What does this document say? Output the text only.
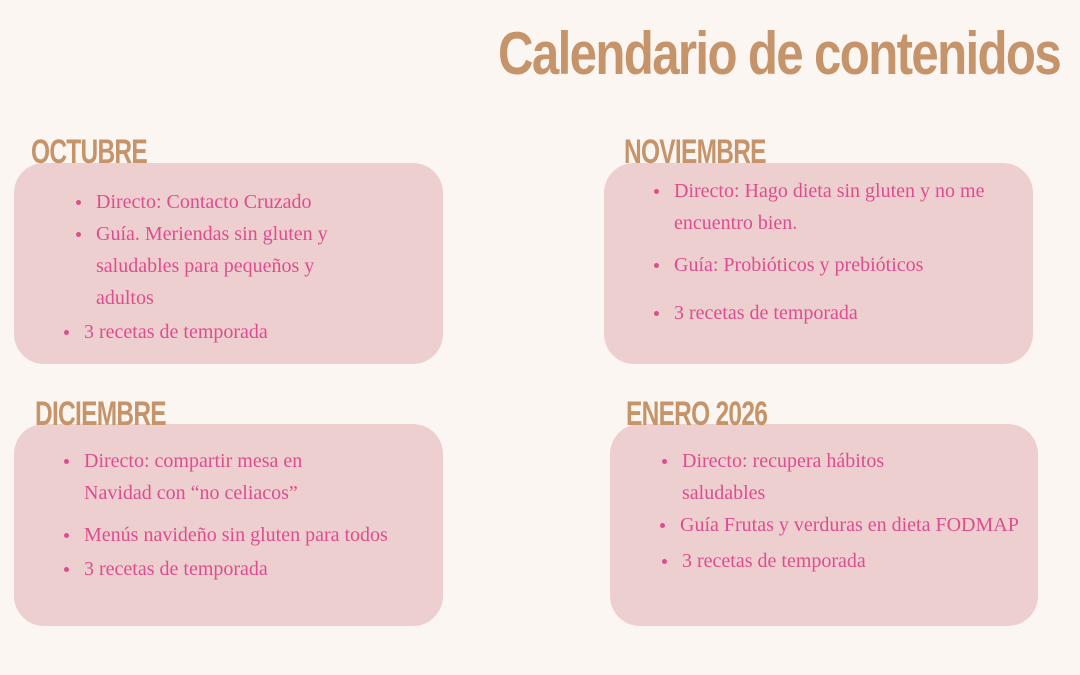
Calendario de contenidos
OCTUBRE
Directo: Contacto Cruzado
Guía. Meriendas sin gluten y saludables para pequeños y adultos
3 recetas de temporada
NOVIEMBRE
Directo: Hago dieta sin gluten y no me encuentro bien.
Guía: Probióticos y prebióticos
3 recetas de temporada
DICIEMBRE
Directo: compartir mesa en Navidad con “no celiacos”
Menús navideño sin gluten para todos
3 recetas de temporada
ENERO 2026
Directo: recupera hábitos saludables
Guía Frutas y verduras en dieta FODMAP
3 recetas de temporada
